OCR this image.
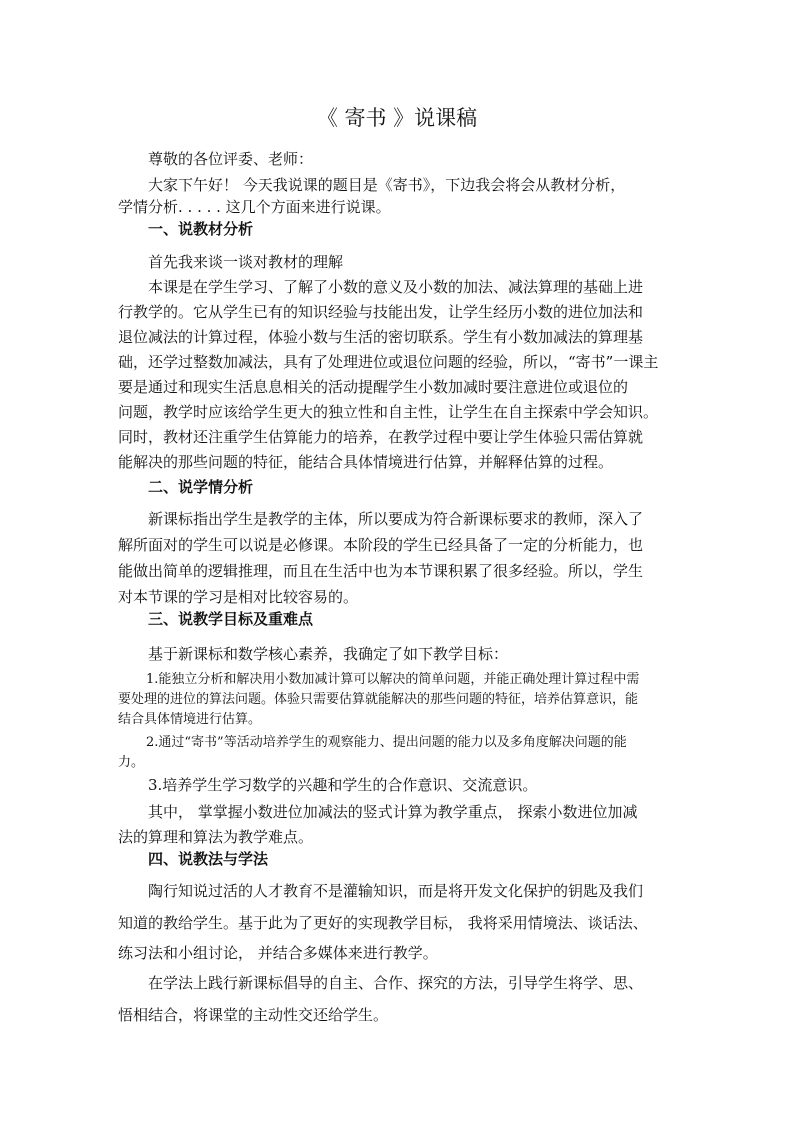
《 寄书 》说课稿
尊敬的各位评委、老师：
大家下午好！ 今天我说课的题目是《寄书》，下边我会将会从教材分析，
学情分析. . . . . 这几个方面来进行说课。
一、说教材分析
首先我来谈一谈对教材的理解
本课是在学生学习、了解了小数的意义及小数的加法、减法算理的基础上进
行教学的。它从学生已有的知识经验与技能出发，让学生经历小数的进位加法和
退位减法的计算过程，体验小数与生活的密切联系。学生有小数加减法的算理基
础，还学过整数加减法，具有了处理进位或退位问题的经验，所以，“寄书”一课主
要是通过和现实生活息息相关的活动提醒学生小数加减时要注意进位或退位的
问题，教学时应该给学生更大的独立性和自主性，让学生在自主探索中学会知识。
同时，教材还注重学生估算能力的培养，在教学过程中要让学生体验只需估算就
能解决的那些问题的特征，能结合具体情境进行估算，并解释估算的过程。
二、说学情分析
新课标指出学生是教学的主体，所以要成为符合新课标要求的教师，深入了
解所面对的学生可以说是必修课。本阶段的学生已经具备了一定的分析能力，也
能做出简单的逻辑推理，而且在生活中也为本节课积累了很多经验。所以，学生
对本节课的学习是相对比较容易的。
三、说教学目标及重难点
基于新课标和数学核心素养，我确定了如下教学目标：
1.能独立分析和解决用小数加减计算可以解决的简单问题，并能正确处理计算过程中需
要处理的进位的算法问题。体验只需要估算就能解决的那些问题的特征，培养估算意识，能
结合具体情境进行估算。
2.通过“寄书”等活动培养学生的观察能力、提出问题的能力以及多角度解决问题的能
力。
3.培养学生学习数学的兴趣和学生的合作意识、交流意识。
其中， 掌掌握小数进位加减法的竖式计算为教学重点， 探索小数进位加减
法的算理和算法为教学难点。
四、说教法与学法
陶行知说过活的人才教育不是灌输知识，而是将开发文化保护的钥匙及我们
知道的教给学生。基于此为了更好的实现教学目标， 我将采用情境法、谈话法、
练习法和小组讨论， 并结合多媒体来进行教学。
在学法上践行新课标倡导的自主、合作、探究的方法，引导学生将学、思、
悟相结合，将课堂的主动性交还给学生。
